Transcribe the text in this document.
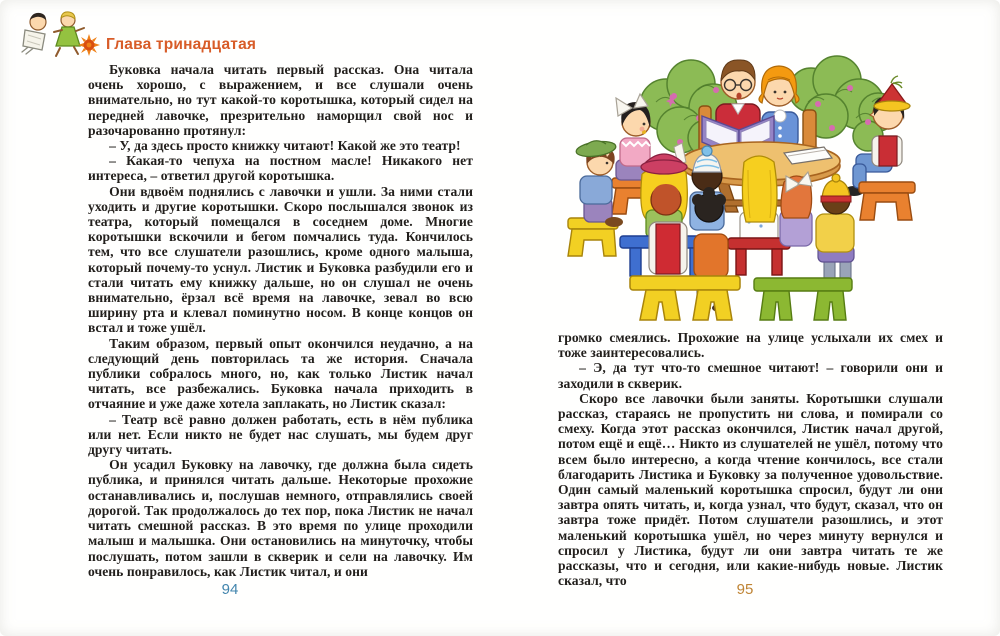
Глава тринадцатая

Буковка начала читать первый рассказ. Она читала очень хорошо, с выражением, и все слушали очень внимательно, но тут какой-то коротышка, который сидел на передней лавочке, презрительно наморщил свой нос и разочарованно протянул:

– У, да здесь просто книжку читают! Какой же это театр!

– Какая-то чепуха на постном масле! Никакого нет интереса, – ответил другой коротышка.

Они вдвоём поднялись с лавочки и ушли. За ними стали уходить и другие коротышки. Скоро послышался звонок из театра, который помещался в соседнем доме. Многие коротышки вскочили и бегом помчались туда. Кончилось тем, что все слушатели разошлись, кроме одного малыша, который почему-то уснул. Листик и Буковка разбудили его и стали читать ему книжку дальше, но он слушал не очень внимательно, ёрзал всё время на лавочке, зевал во всю ширину рта и клевал поминутно носом. В конце концов он встал и тоже ушёл.

Таким образом, первый опыт окончился неудачно, а на следующий день повторилась та же история. Сначала публики собралось много, но, как только Листик начал читать, все разбежались. Буковка начала приходить в отчаяние и уже даже хотела заплакать, но Листик сказал:

– Театр всё равно должен работать, есть в нём публика или нет. Если никто не будет нас слушать, мы будем друг другу читать.

Он усадил Буковку на лавочку, где должна была сидеть публика, и принялся читать дальше. Некоторые прохожие останавливались и, послушав немного, отправлялись своей дорогой. Так продолжалось до тех пор, пока Листик не начал читать смешной рассказ. В это время по улице проходили малыш и малышка. Они остановились на минуточку, чтобы послушать, потом зашли в скверик и сели на лавочку. Им очень понравилось, как Листик читал, и они

громко смеялись. Прохожие на улице услыхали их смех и тоже заинтересовались.

– Э, да тут что-то смешное читают! – говорили они и заходили в скверик.

Скоро все лавочки были заняты. Коротышки слушали рассказ, стараясь не пропустить ни слова, и помирали со смеху. Когда этот рассказ окончился, Листик начал другой, потом ещё и ещё… Никто из слушателей не ушёл, потому что всем было интересно, а когда чтение кончилось, все стали благодарить Листика и Буковку за полученное удовольствие. Один самый маленький коротышка спросил, будут ли они завтра опять читать, и, когда узнал, что будут, сказал, что он завтра тоже придёт. Потом слушатели разошлись, и этот маленький коротышка ушёл, но через минуту вернулся и спросил у Листика, будут ли они завтра читать те же рассказы, что и сегодня, или какие-нибудь новые. Листик сказал, что

94	95
